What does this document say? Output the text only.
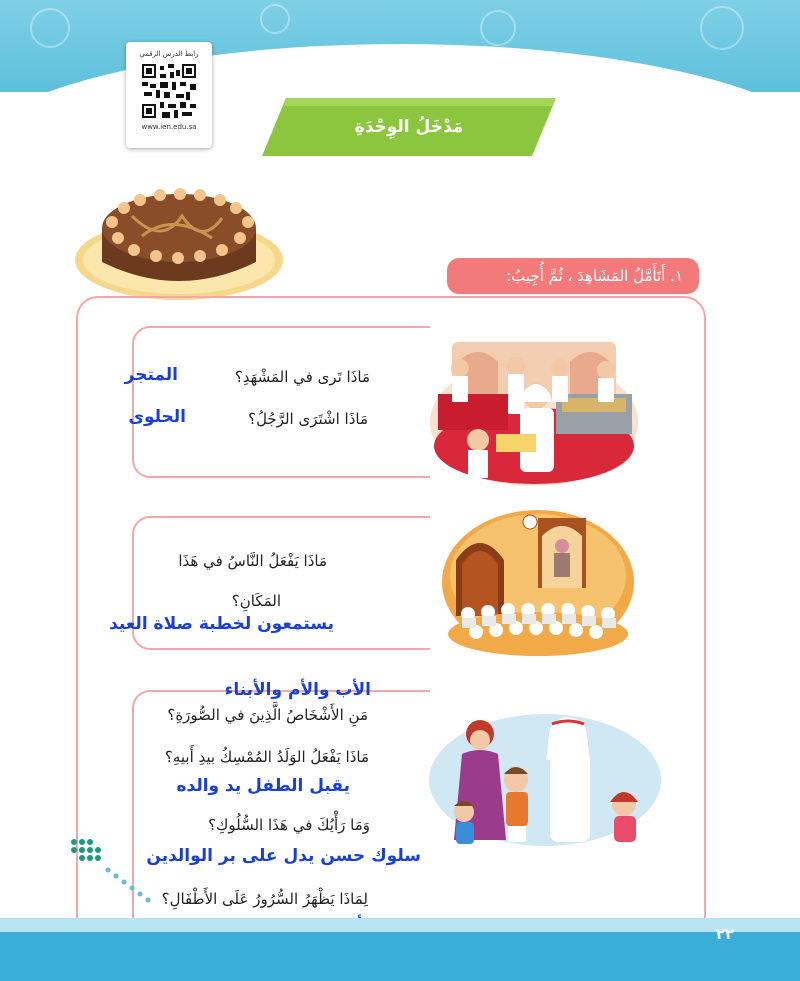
رابط الدرس الرقمي
www.ien.edu.sa	مَدْخَلُ الوِحْدَةِ
١. أَتَأَمَّلُ المَشَاهِدَ ، ثُمَّ أُجِيبُ:
مَاذَا تَرى في المَشْهَدِ؟
المتجر
مَاذَا اشْتَرَى الرَّجُلُ؟
الحلوى
مَاذَا يَفْعَلُ النَّاسُ في هَذَا
المَكَانِ؟
يستمعون لخطبة صلاة العيد
الأب والأم والأبناء
مَنِ الأَشْخَاصُ الَّذِينَ في الصُّورَةِ؟
مَاذَا يَفْعَلُ الوَلَدُ المُمْسِكُ بيدِ أَبيهِ؟
يقبل الطفل يد والده
وَمَا رَأْيُكَ في هَذَا السُّلُوكِ؟
سلوك حسن يدل على بر الوالدين
لِمَاذَا يَظْهَرُ السُّرُورُ عَلَى الأَطْفَالِ؟
٢٢
